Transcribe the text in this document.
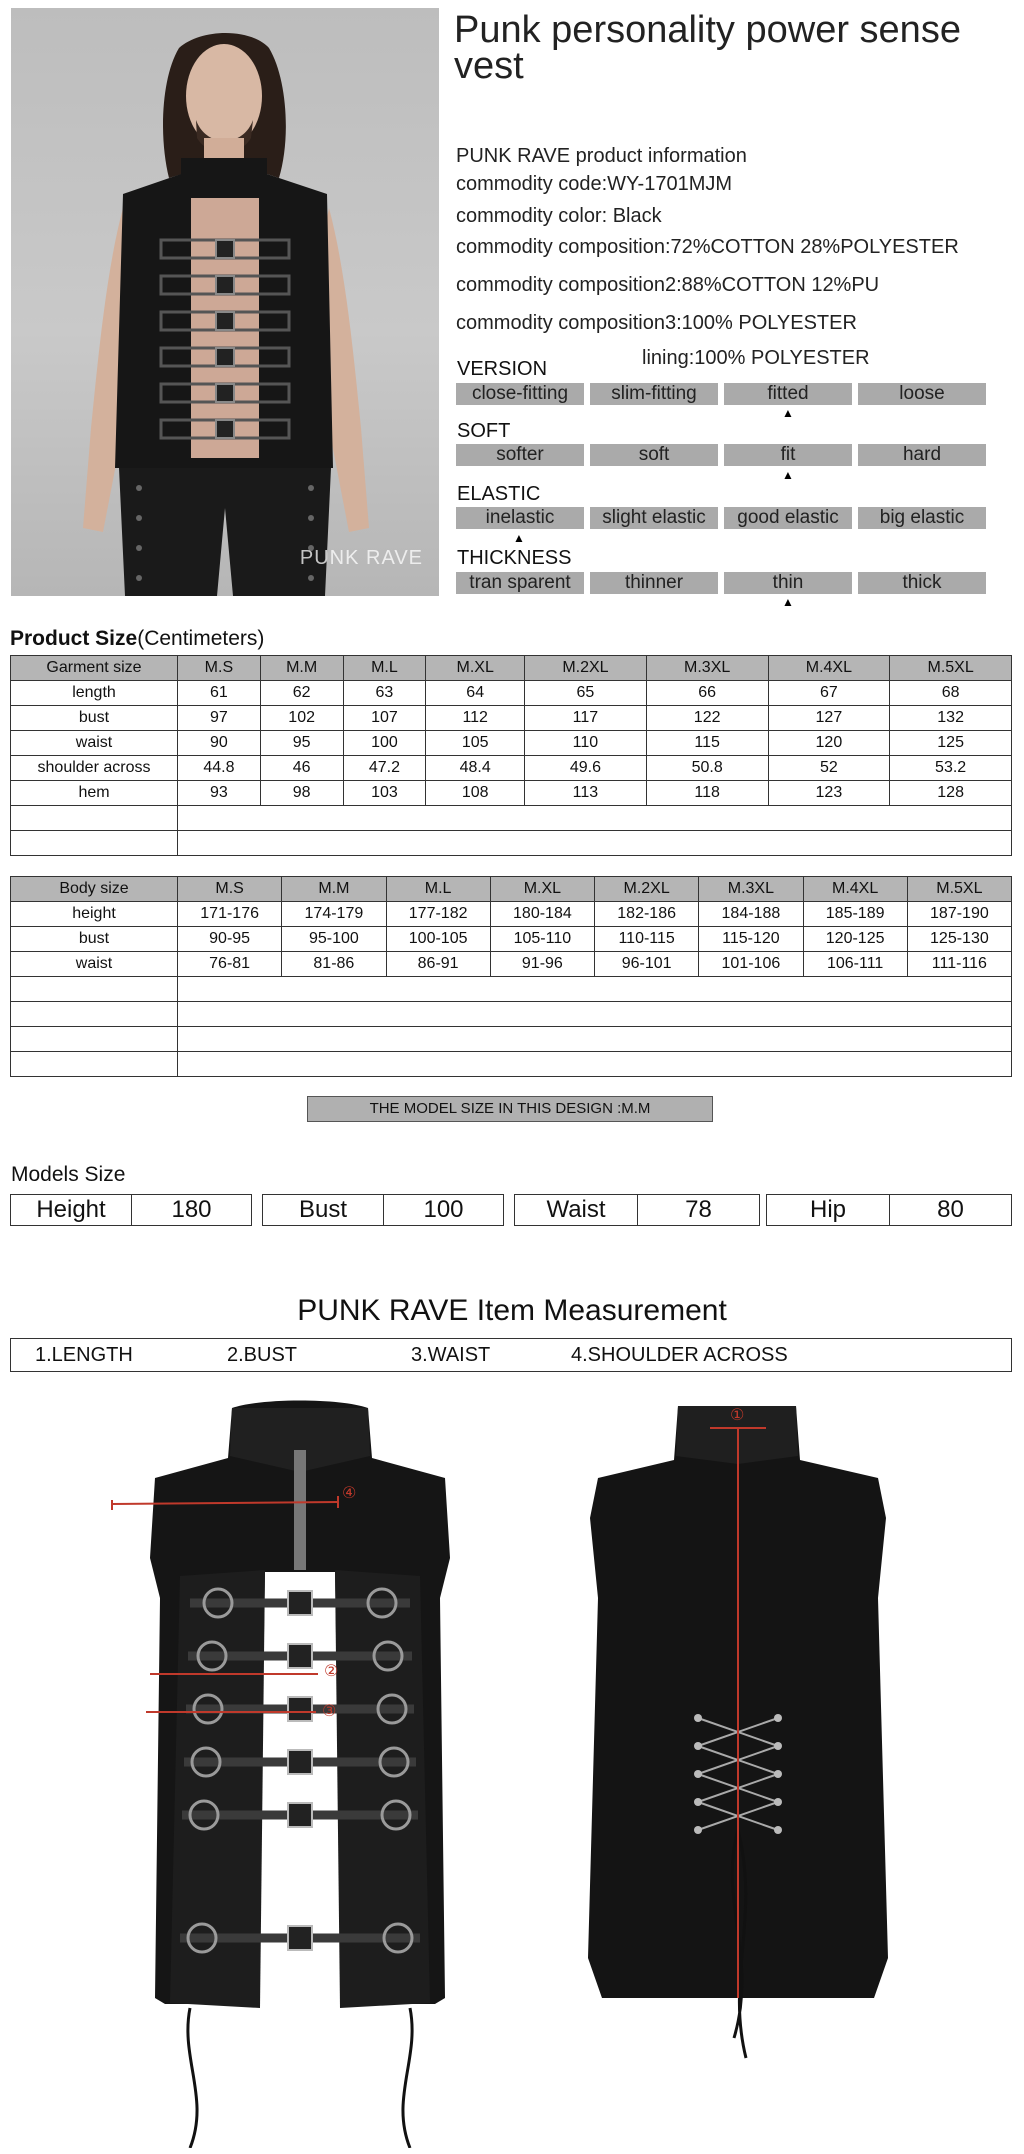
PUNK RAVE
Punk personality power sense vest
PUNK RAVE product information
commodity code:WY-1701MJM
commodity color: Black
commodity composition:72%COTTON 28%POLYESTER
commodity composition2:88%COTTON 12%PU
commodity composition3:100% POLYESTER
lining:100% POLYESTER
VERSION
close-fitting	slim-fitting	fitted	loose
▲
SOFT
softer	soft	fit	hard
▲
ELASTIC
inelastic	slight elastic	good elastic	big elastic
▲
THICKNESS
tran sparent	thinner	thin	thick
▲
Product Size(Centimeters)
Garment size	M.S	M.M	M.L	M.XL	M.2XL	M.3XL	M.4XL	M.5XL
length	61	62	63	64	65	66	67	68
bust	97	102	107	112	117	122	127	132
waist	90	95	100	105	110	115	120	125
shoulder across	44.8	46	47.2	48.4	49.6	50.8	52	53.2
hem	93	98	103	108	113	118	123	128

Body size	M.S	M.M	M.L	M.XL	M.2XL	M.3XL	M.4XL	M.5XL
height	171-176	174-179	177-182	180-184	182-186	184-188	185-189	187-190
bust	90-95	95-100	100-105	105-110	110-115	115-120	120-125	125-130
waist	76-81	81-86	86-91	91-96	96-101	101-106	106-111	111-116

THE MODEL SIZE IN THIS DESIGN :M.M
Models Size
Height	180	Bust	100	Waist	78	Hip	80
PUNK RAVE Item Measurement
1.LENGTH	2.BUST	3.WAIST	4.SHOULDER ACROSS
④
②
③
①
